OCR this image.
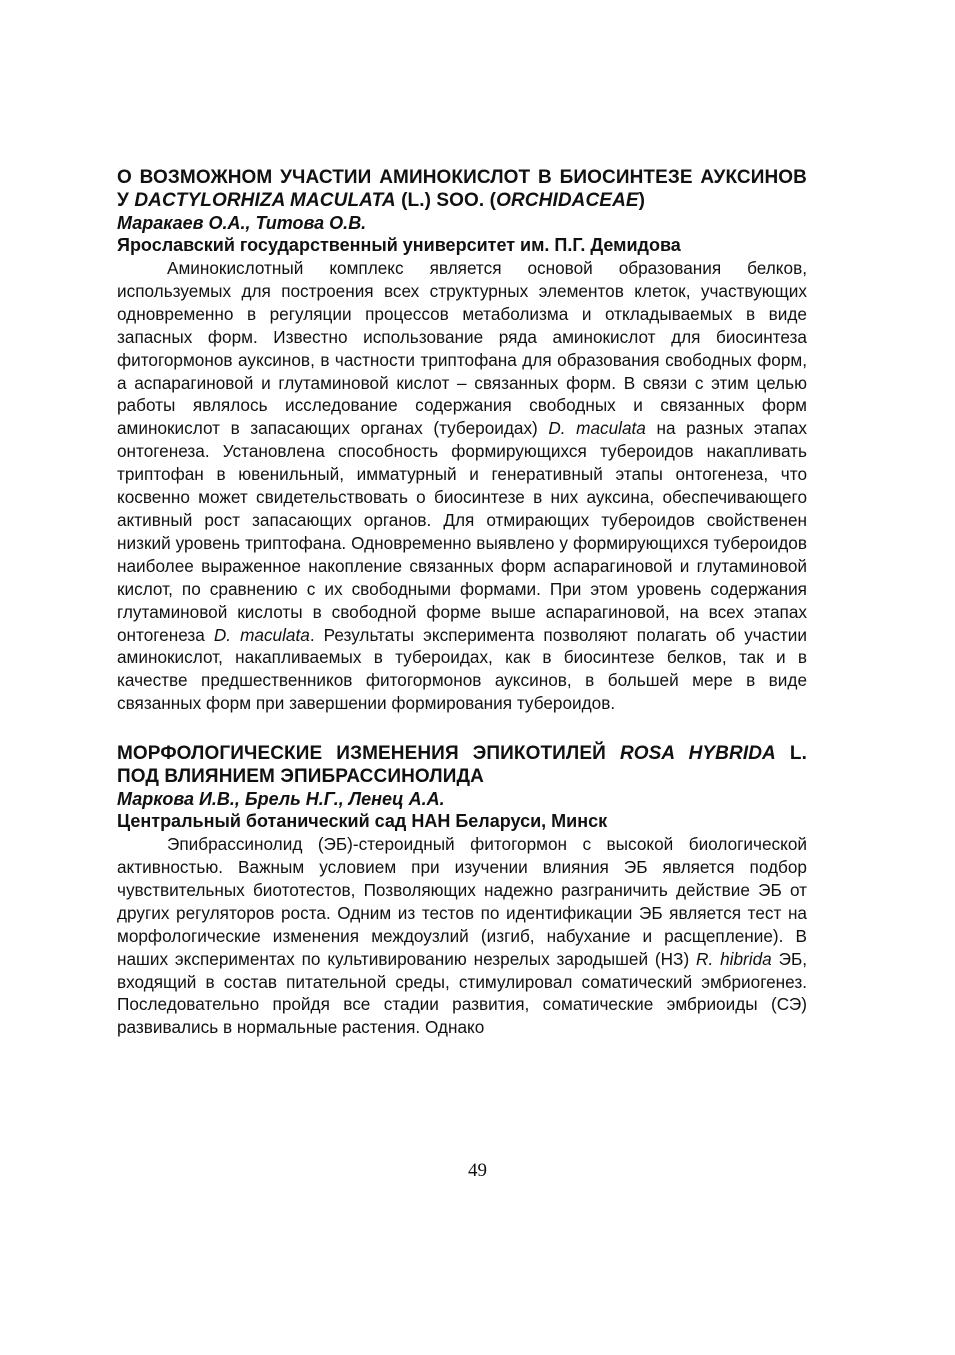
О ВОЗМОЖНОМ УЧАСТИИ АМИНОКИСЛОТ В БИОСИНТЕЗЕ АУКСИНОВ У DACTYLORHIZA MACULATA (L.) SOO. (ORCHIDACEAE)

Маракаев О.А., Титова О.В.

Ярославский государственный университет им. П.Г. Демидова

Аминокислотный комплекс является основой образования белков, используемых для построения всех структурных элементов клеток, участвующих одновременно в регуляции процессов метаболизма и откладываемых в виде запасных форм. Известно использование ряда аминокислот для биосинтеза фитогормонов ауксинов, в частности триптофана для образования свободных форм, а аспарагиновой и глутаминовой кислот – связанных форм. В связи с этим целью работы являлось исследование содержания свободных и связанных форм аминокислот в запасающих органах (тубероидах) D. maculata на разных этапах онтогенеза. Установлена способность формирующихся тубероидов накапливать триптофан в ювенильный, имматурный и генеративный этапы онтогенеза, что косвенно может свидетельствовать о биосинтезе в них ауксина, обеспечивающего активный рост запасающих органов. Для отмирающих тубероидов свойственен низкий уровень триптофана. Одновременно выявлено у формирующихся тубероидов наиболее выраженное накопление связанных форм аспарагиновой и глутаминовой кислот, по сравнению с их свободными формами. При этом уровень содержания глутаминовой кислоты в свободной форме выше аспарагиновой, на всех этапах онтогенеза D. maculata. Результаты эксперимента позволяют полагать об участии аминокислот, накапливаемых в тубероидах, как в биосинтезе белков, так и в качестве предшественников фитогормонов ауксинов, в большей мере в виде связанных форм при завершении формирования тубероидов.

МОРФОЛОГИЧЕСКИЕ ИЗМЕНЕНИЯ ЭПИКОТИЛЕЙ ROSA HYBRIDA L. ПОД ВЛИЯНИЕМ ЭПИБРАССИНОЛИДА

Маркова И.В., Брель Н.Г., Ленец А.А.

Центральный ботанический сад НАН Беларуси, Минск

Эпибрассинолид (ЭБ)-стероидный фитогормон с высокой биологической активностью. Важным условием при изучении влияния ЭБ является подбор чувствительных биототестов, Позволяющих надежно разграничить действие ЭБ от других регуляторов роста. Одним из тестов по идентификации ЭБ является тест на морфологические изменения междоузлий (изгиб, набухание и расщепление). В наших экспериментах по культивированию незрелых зародышей (НЗ) R. hibrida ЭБ, входящий в состав питательной среды, стимулировал соматический эмбриогенез. Последовательно пройдя все стадии развития, соматические эмбриоиды (СЭ) развивались в нормальные растения. Однако

49
